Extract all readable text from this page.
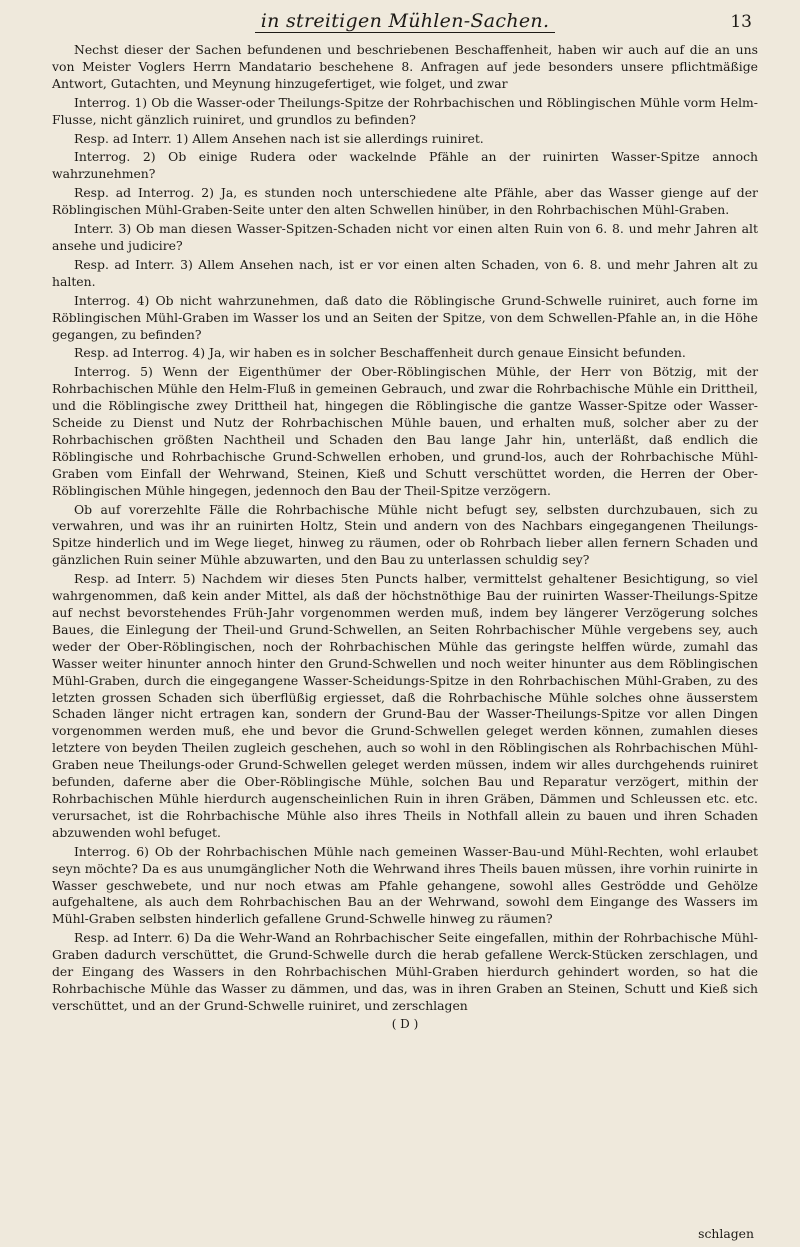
in streitigen Mühlen-Sachen.	13

Nechst dieser der Sachen befundenen und beschriebenen Beschaffenheit, haben wir auch auf die an uns von Meister Voglers Herrn Mandatario beschehene 8. Anfragen auf jede besonders unsere pflichtmäßige Antwort, Gutachten, und Meynung hinzugefertiget, wie folget, und zwar

Interrog. 1) Ob die Wasser-oder Theilungs-Spitze der Rohrbachischen und Röblingischen Mühle vorm Helm-Flusse, nicht gänzlich ruiniret, und grundlos zu befinden?

Resp. ad Interr. 1) Allem Ansehen nach ist sie allerdings ruiniret.

Interrog. 2) Ob einige Rudera oder wackelnde Pfähle an der ruinirten Wasser-Spitze annoch wahrzunehmen?

Resp. ad Interrog. 2) Ja, es stunden noch unterschiedene alte Pfähle, aber das Wasser gienge auf der Röblingischen Mühl-Graben-Seite unter den alten Schwellen hinüber, in den Rohrbachischen Mühl-Graben.

Interr. 3) Ob man diesen Wasser-Spitzen-Schaden nicht vor einen alten Ruin von 6. 8. und mehr Jahren alt ansehe und judicire?

Resp. ad Interr. 3) Allem Ansehen nach, ist er vor einen alten Schaden, von 6. 8. und mehr Jahren alt zu halten.

Interrog. 4) Ob nicht wahrzunehmen, daß dato die Röblingische Grund-Schwelle ruiniret, auch forne im Röblingischen Mühl-Graben im Wasser los und an Seiten der Spitze, von dem Schwellen-Pfahle an, in die Höhe gegangen, zu befinden?

Resp. ad Interrog. 4) Ja, wir haben es in solcher Beschaffenheit durch genaue Einsicht befunden.

Interrog. 5) Wenn der Eigenthümer der Ober-Röblingischen Mühle, der Herr von Bötzig, mit der Rohrbachischen Mühle den Helm-Fluß in gemeinen Gebrauch, und zwar die Rohrbachische Mühle ein Drittheil, und die Röblingische zwey Drittheil hat, hingegen die Röblingische die gantze Wasser-Spitze oder Wasser-Scheide zu Dienst und Nutz der Rohrbachischen Mühle bauen, und erhalten muß, solcher aber zu der Rohrbachischen größten Nachtheil und Schaden den Bau lange Jahr hin, unterläßt, daß endlich die Röblingische und Rohrbachische Grund-Schwellen erhoben, und grund-los, auch der Rohrbachische Mühl-Graben vom Einfall der Wehrwand, Steinen, Kieß und Schutt verschüttet worden, die Herren der Ober-Röblingischen Mühle hingegen, jedennoch den Bau der Theil-Spitze verzögern.

Ob auf vorerzehlte Fälle die Rohrbachische Mühle nicht befugt sey, selbsten durchzubauen, sich zu verwahren, und was ihr an ruinirten Holtz, Stein und andern von des Nachbars eingegangenen Theilungs-Spitze hinderlich und im Wege lieget, hinweg zu räumen, oder ob Rohrbach lieber allen fernern Schaden und gänzlichen Ruin seiner Mühle abzuwarten, und den Bau zu unterlassen schuldig sey?

Resp. ad Interr. 5) Nachdem wir dieses 5ten Puncts halber, vermittelst gehaltener Besichtigung, so viel wahrgenommen, daß kein ander Mittel, als daß der höchstnöthige Bau der ruinirten Wasser-Theilungs-Spitze auf nechst bevorstehendes Früh-Jahr vorgenommen werden muß, indem bey längerer Verzögerung solches Baues, die Einlegung der Theil-und Grund-Schwellen, an Seiten Rohrbachischer Mühle vergebens sey, auch weder der Ober-Röblingischen, noch der Rohrbachischen Mühle das geringste helffen würde, zumahl das Wasser weiter hinunter annoch hinter den Grund-Schwellen und noch weiter hinunter aus dem Röblingischen Mühl-Graben, durch die eingegangene Wasser-Scheidungs-Spitze in den Rohrbachischen Mühl-Graben, zu des letzten grossen Schaden sich überflüßig ergiesset, daß die Rohrbachische Mühle solches ohne äusserstem Schaden länger nicht ertragen kan, sondern der Grund-Bau der Wasser-Theilungs-Spitze vor allen Dingen vorgenommen werden muß, ehe und bevor die Grund-Schwellen geleget werden können, zumahlen dieses letztere von beyden Theilen zugleich geschehen, auch so wohl in den Röblingischen als Rohrbachischen Mühl-Graben neue Theilungs-oder Grund-Schwellen geleget werden müssen, indem wir alles durchgehends ruiniret befunden, daferne aber die Ober-Röblingische Mühle, solchen Bau und Reparatur verzögert, mithin der Rohrbachischen Mühle hierdurch augenscheinlichen Ruin in ihren Gräben, Dämmen und Schleussen etc. etc. verursachet, ist die Rohrbachische Mühle also ihres Theils in Nothfall allein zu bauen und ihren Schaden abzuwenden wohl befuget.

Interrog. 6) Ob der Rohrbachischen Mühle nach gemeinen Wasser-Bau-und Mühl-Rechten, wohl erlaubet seyn möchte? Da es aus unumgänglicher Noth die Wehrwand ihres Theils bauen müssen, ihre vorhin ruinirte in Wasser geschwebete, und nur noch etwas am Pfahle gehangene, sowohl alles Geströdde und Gehölze aufgehaltene, als auch dem Rohrbachischen Bau an der Wehrwand, sowohl dem Eingange des Wassers im Mühl-Graben selbsten hinderlich gefallene Grund-Schwelle hinweg zu räumen?

Resp. ad Interr. 6) Da die Wehr-Wand an Rohrbachischer Seite eingefallen, mithin der Rohrbachische Mühl-Graben dadurch verschüttet, die Grund-Schwelle durch die herab gefallene Werck-Stücken zerschlagen, und der Eingang des Wassers in den Rohrbachischen Mühl-Graben hierdurch gehindert worden, so hat die Rohrbachische Mühle das Wasser zu dämmen, und das, was in ihren Graben an Steinen, Schutt und Kieß sich verschüttet, und an der Grund-Schwelle ruiniret, und zerschlagen

( D )
schlagen
